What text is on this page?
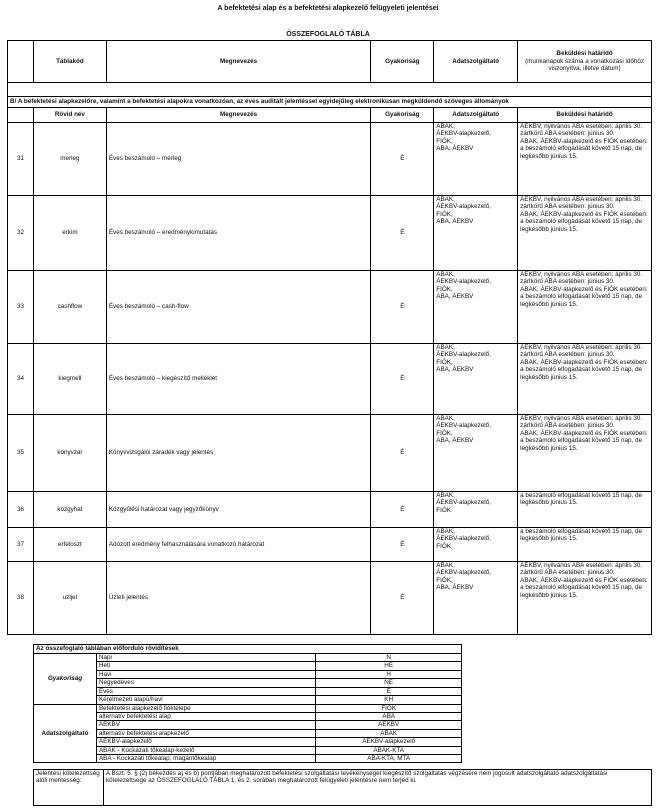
A befektetési alap és a befektetési alapkezelő felügyeleti jelentései
ÖSSZEFOGLALÓ TÁBLA
	Táblakód	Megnevezés	Gyakoriság	Adatszolgáltató	Beküldési határidő
(munkanapok száma a vonatkozási időhöz viszonyítva, illetve dátum)

B/ A befektetési alapkezelőre, valamint a befektetési alapokra vonatkozóan, az éves auditált jelentéssel egyidejűleg elektronikusan megküldendő szöveges állományok					
	Rövid név	Megnevezés	Gyakoriság	Adatszolgáltató	Beküldési határidő
31	merleg	Éves beszámoló – mérleg	É	ABAK,
ÁEKBV-alapkezelő,
FIÓK,
ABA, ÁEKBV	ÁEKBV, nyilvános ABA esetében: április 30.
zártkörű ABA esetében: június 30.
ABAK, ÁEKBV-alapkezelő és FIÓK esetében: a beszámoló elfogadását követő 15 nap, de legkésőbb június 15.
32	erkim	Éves beszámoló – eredménykimutatás	É	ABAK,
ÁEKBV-alapkezelő,
FIÓK,
ABA, ÁEKBV	ÁEKBV, nyilvános ABA esetében: április 30.
zártkörű ABA esetében: június 30.
ABAK, ÁEKBV-alapkezelő és FIÓK esetében: a beszámoló elfogadását követő 15 nap, de legkésőbb június 15.
33	cashflow	Éves beszámoló – cash-flow	É	ABAK,
ÁEKBV-alapkezelő,
FIÓK,
ABA, ÁEKBV	ÁEKBV, nyilvános ABA esetében: április 30.
zártkörű ABA esetében: június 30.
ABAK, ÁEKBV-alapkezelő és FIÓK esetében: a beszámoló elfogadását követő 15 nap, de legkésőbb június 15.
34	kiegmell	Éves beszámoló – kiegészítő melléklet	É	ABAK,
ÁEKBV-alapkezelő,
FIÓK,
ABA, ÁEKBV	ÁEKBV, nyilvános ABA esetében: április 30.
zártkörű ABA esetében: június 30.
ABAK, ÁEKBV-alapkezelő és FIÓK esetében: a beszámoló elfogadását követő 15 nap, de legkésőbb június 15.
35	konyvzar	Könyvvizsgálói záradék vagy jelentés	É	ABAK,
ÁEKBV-alapkezelő,
FIÓK,
ABA, ÁEKBV	ÁEKBV, nyilvános ABA esetében: április 30.
zártkörű ABA esetében: június 30.
ABAK, ÁEKBV-alapkezelő és FIÓK esetében: a beszámoló elfogadását követő 15 nap, de legkésőbb június 15.
36	kozgyhat	Közgyűlési határozat vagy jegyzőkönyv	É	ABAK,
ÁEKBV-alapkezelő,
FIÓK	a beszámoló elfogadását követő 15 nap, de legkésőbb június 15.
37	erfeloszt	Adózott eredmény felhasználására vonatkozó határozat	É	ABAK,
ÁEKBV-alapkezelő,
FIÓK	a beszámoló elfogadását követő 15 nap, de legkésőbb június 15.
38	uzljel	Üzleti jelentés	É	ABAK,
ÁEKBV-alapkezelő,
FIÓK,
ABA, ÁEKBV	ÁEKBV, nyilvános ABA esetében: április 30.
zártkörű ABA esetében: június 30.
ABAK, ÁEKBV-alapkezelő és FIÓK esetében: a beszámoló elfogadását követő 15 nap, de legkésőbb június 15.
Az összefoglaló táblában előforduló rövidítések		
Gyakoriság	Napi	N
	Heti	HE
	Havi	H
	Negyedéves	NÉ
	Éves	É
	Kérelmezeti alapú/havi	KH
Adatszolgáltató	Befektetési alapkezelő fióktelepe	FIÓK
	alternatív befektetési alap	ABA
	ÁEKBV	ÁEKBV
	alternatív befektetési alapkezelő	ABAK
	ÁEKBV-alapkezelő	ÁEKBV-alapkezelő
	ABAK - Kockázati tőkealap-kezelő	ABAK-KTA
	ABA - Kockázati tőkealap, magántőkealap	ABA-KTA, MTA
Jelentési kötelezettség alóli mentesség:	A Bszt. 5. § (2) bekezdés a) és b) pontjában meghatározott befektetési szolgáltatási tevékenységet kiegészítő szolgáltatás végzésére nem jogosult adatszolgáltató adatszolgáltatási kötelezettsége az ÖSSZEFOGLALÓ TÁBLA 1. és 2. sorában meghatározott felügyeleti jelentésre nem terjed ki.
